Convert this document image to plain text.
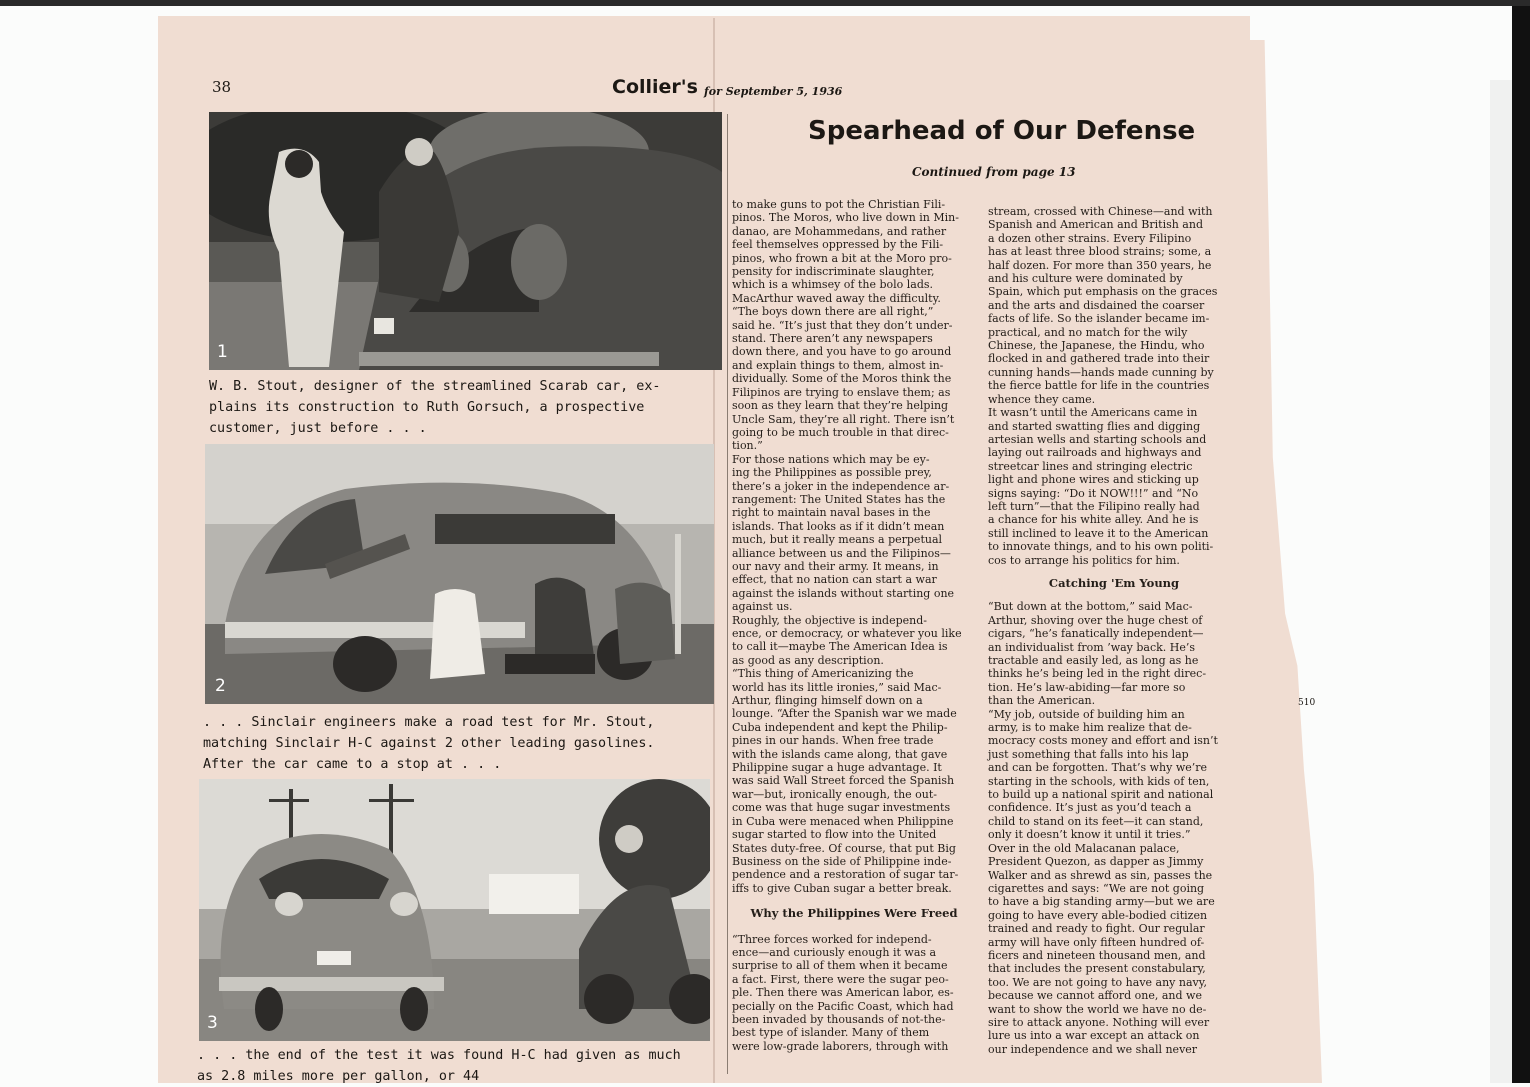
38	Collier's for September 5, 1936
Spearhead of Our Defense
Continued from page 13
510
1
W. B. Stout, designer of the streamlined Scarab car, ex-
plains its construction to Ruth Gorsuch, a prospective
customer, just before . . .
2
. . . Sinclair engineers make a road test for Mr. Stout,
matching Sinclair H-C against 2 other leading gasolines.
After the car came to a stop at . . .
3
. . . the end of the test it was found H-C had given as much
as 2.8 miles more per gallon, or 44
to make guns to pot the Christian Fili-
pinos. The Moros, who live down in Min-
danao, are Mohammedans, and rather
feel themselves oppressed by the Fili-
pinos, who frown a bit at the Moro pro-
pensity for indiscriminate slaughter,
which is a whimsey of the bolo lads.
MacArthur waved away the difficulty.
“The boys down there are all right,”
said he. “It’s just that they don’t under-
stand. There aren’t any newspapers
down there, and you have to go around
and explain things to them, almost in-
dividually. Some of the Moros think the
Filipinos are trying to enslave them; as
soon as they learn that they’re helping
Uncle Sam, they’re all right. There isn’t
going to be much trouble in that direc-
tion.”
For those nations which may be ey-
ing the Philippines as possible prey,
there’s a joker in the independence ar-
rangement: The United States has the
right to maintain naval bases in the
islands. That looks as if it didn’t mean
much, but it really means a perpetual
alliance between us and the Filipinos—
our navy and their army. It means, in
effect, that no nation can start a war
against the islands without starting one
against us.
Roughly, the objective is independ-
ence, or democracy, or whatever you like
to call it—maybe The American Idea is
as good as any description.
“This thing of Americanizing the
world has its little ironies,” said Mac-
Arthur, flinging himself down on a
lounge. “After the Spanish war we made
Cuba independent and kept the Philip-
pines in our hands. When free trade
with the islands came along, that gave
Philippine sugar a huge advantage. It
was said Wall Street forced the Spanish
war—but, ironically enough, the out-
come was that huge sugar investments
in Cuba were menaced when Philippine
sugar started to flow into the United
States duty-free. Of course, that put Big
Business on the side of Philippine inde-
pendence and a restoration of sugar tar-
iffs to give Cuban sugar a better break.
Why the Philippines Were Freed
“Three forces worked for independ-
ence—and curiously enough it was a
surprise to all of them when it became
a fact. First, there were the sugar peo-
ple. Then there was American labor, es-
pecially on the Pacific Coast, which had
been invaded by thousands of not-the-
best type of islander. Many of them
were low-grade laborers, through with
stream, crossed with Chinese—and with
Spanish and American and British and
a dozen other strains. Every Filipino
has at least three blood strains; some, a
half dozen. For more than 350 years, he
and his culture were dominated by
Spain, which put emphasis on the graces
and the arts and disdained the coarser
facts of life. So the islander became im-
practical, and no match for the wily
Chinese, the Japanese, the Hindu, who
flocked in and gathered trade into their
cunning hands—hands made cunning by
the fierce battle for life in the countries
whence they came.
It wasn’t until the Americans came in
and started swatting flies and digging
artesian wells and starting schools and
laying out railroads and highways and
streetcar lines and stringing electric
light and phone wires and sticking up
signs saying: “Do it NOW!!!” and “No
left turn”—that the Filipino really had
a chance for his white alley. And he is
still inclined to leave it to the American
to innovate things, and to his own politi-
cos to arrange his politics for him.
Catching 'Em Young
“But down at the bottom,” said Mac-
Arthur, shoving over the huge chest of
cigars, “he’s fanatically independent—
an individualist from ’way back. He’s
tractable and easily led, as long as he
thinks he’s being led in the right direc-
tion. He’s law-abiding—far more so
than the American.
“My job, outside of building him an
army, is to make him realize that de-
mocracy costs money and effort and isn’t
just something that falls into his lap
and can be forgotten. That’s why we’re
starting in the schools, with kids of ten,
to build up a national spirit and national
confidence. It’s just as you’d teach a
child to stand on its feet—it can stand,
only it doesn’t know it until it tries.”
Over in the old Malacanan palace,
President Quezon, as dapper as Jimmy
Walker and as shrewd as sin, passes the
cigarettes and says: “We are not going
to have a big standing army—but we are
going to have every able-bodied citizen
trained and ready to fight. Our regular
army will have only fifteen hundred of-
ficers and nineteen thousand men, and
that includes the present constabulary,
too. We are not going to have any navy,
because we cannot afford one, and we
want to show the world we have no de-
sire to attack anyone. Nothing will ever
lure us into a war except an attack on
our independence and we shall never
